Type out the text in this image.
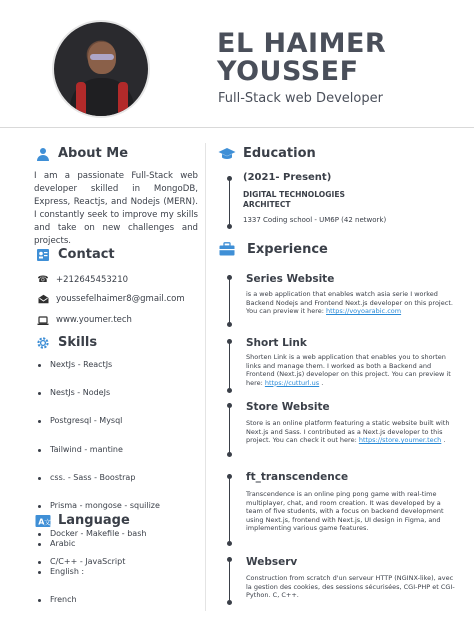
EL HAIMER
YOUSSEF
Full-Stack web Developer
About Me
I am a passionate Full-Stack web developer skilled in MongoDB, Express, Reactjs, and Nodejs (MERN). I constantly seek to improve my skills and take on new challenges and projects.
Contact
☎ +212645453210
youssefelhaimer8@gmail.com
www.youmer.tech
Skills
NextJs - ReactJs
NestJs - NodeJs
Postgresql - Mysql
Tailwind - mantine
css. - Sass - Boostrap
Prisma - mongose - squilize
Docker - Makefile - bash
C/C++ - JavaScript
A 文 Language
Arabic
English :
French
Education
(2021- Present)
DIGITAL TECHNOLOGIES
ARCHITECT
1337 Coding school - UM6P (42 network)
Experience
Series Website
is a web application that enables watch asia serie I worked Backend Nodejs and Frontend Next.js developer on this project. You can preview it here: https://voyoarabic.com
Short Link
Shorten Link is a web application that enables you to shorten links and manage them. I worked as both a Backend and Frontend (Next.js) developer on this project. You can preview it here: https://cutturl.us .
Store Website
Store is an online platform featuring a static website built with Next.js and Sass. I contributed as a Next.js developer to this project. You can check it out here: https://store.youmer.tech .
ft_transcendence
Transcendence is an online ping pong game with real-time multiplayer, chat, and room creation. It was developed by a team of five students, with a focus on backend development using Next.js, frontend with Next.js, UI design in Figma, and implementing various game features.
Webserv
Construction from scratch d'un serveur HTTP (NGINX-like), avec la gestion des cookies, des sessions sécurisées, CGI-PHP et CGI-Python. C, C++.
